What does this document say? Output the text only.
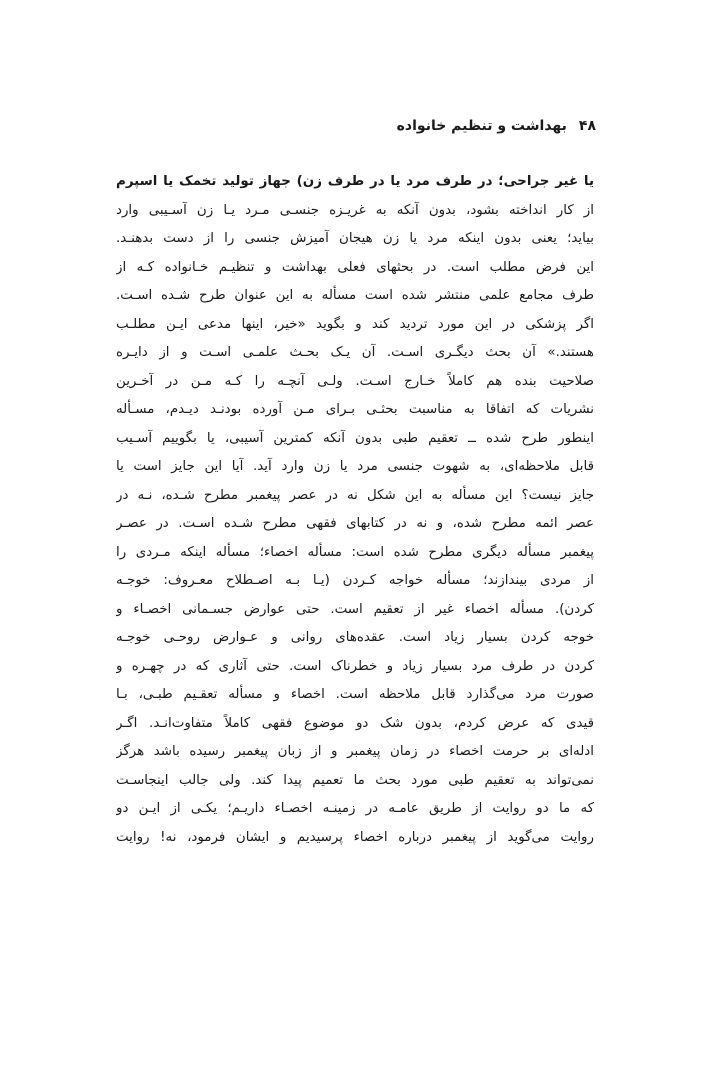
۴۸
بهداشت و تنظیم خانواده
یا غیر جراحی؛ در طرف مرد یا در طرف زن) جهاز تولید تخمک یا اسپرم
از کار انداخته بشود، بدون آنکه به غریـزه جنسـی مـرد یـا زن آسـیبی وارد
بیاید؛ یعنی بدون اینکه مرد یا زن هیجان آمیزش جنسی را از دست بدهنـد.
این فرض مطلب است. در بحثهای فعلی بهداشت و تنظیـم خـانواده کـه از
طرف مجامع علمی منتشر شده است مسأله به این عنوان طرح شـده اسـت.
اگر پزشکی در این مورد تردید کند و بگوید «خیر، اینها مدعی ایـن مطلـب
هستند.» آن بحث دیگـری اسـت. آن یـک بحـث علمـی اسـت و از دایـره
صلاحیت بنده هم کاملاً خـارج اسـت. ولـی آنچـه را کـه مـن در آخـرین
نشریات که اتفاقا به مناسبت بحثـی بـرای مـن آورده بودنـد دیـدم، مسـأله
اینطور طرح شده ــ تعقیم طبی بدون آنکه کمترین آسیبی، یا بگوییم آسـیب
قابل ملاحظه‌ای، به شهوت جنسی مرد یا زن وارد آید. آیا این جایز است یا
جایز نیست؟ این مسأله به این شکل نه در عصر پیغمبر مطرح شـده، نـه در
عصر ائمه مطرح شده، و نه در کتابهای فقهی مطرح شـده اسـت. در عصـر
پیغمبر مسأله دیگری مطرح شده است: مسأله اخصاء؛ مسأله اینکه مـردی را
از مردی بیندازند؛ مسأله خواجه کـردن (یـا بـه اصـطلاح معـروف: خوجـه
کردن). مسأله اخصاء غیر از تعقیم است. حتی عوارض جسـمانی اخصـاء و
خوجه کردن بسیار زیاد است. عقده‌های روانی و عـوارض روحـی خوجـه
کردن در طرف مرد بسیار زیاد و خطرناک است. حتی آثاری که در چهـره و
صورت مرد می‌گذارد قابل ملاحظه است. اخصاء و مسأله تعقـیم طبـی، بـا
قیدی که عرض کردم، بدون شک دو موضوع فقهی کاملاً متفاوت‌انـد. اگـر
ادله‌ای بر حرمت اخصاء در زمان پیغمبر و از زبان پیغمبر رسیده باشد هرگز
نمی‌تواند به تعقیم طبی مورد بحث ما تعمیم پیدا کند. ولی جالب اینجاسـت
که ما دو روایت از طریق عامـه در زمینـه اخصـاء داریـم؛ یکـی از ایـن دو
روایت می‌گوید از پیغمبر درباره اخصاء پرسیدیم و ایشان فرمود، نه! روایت
